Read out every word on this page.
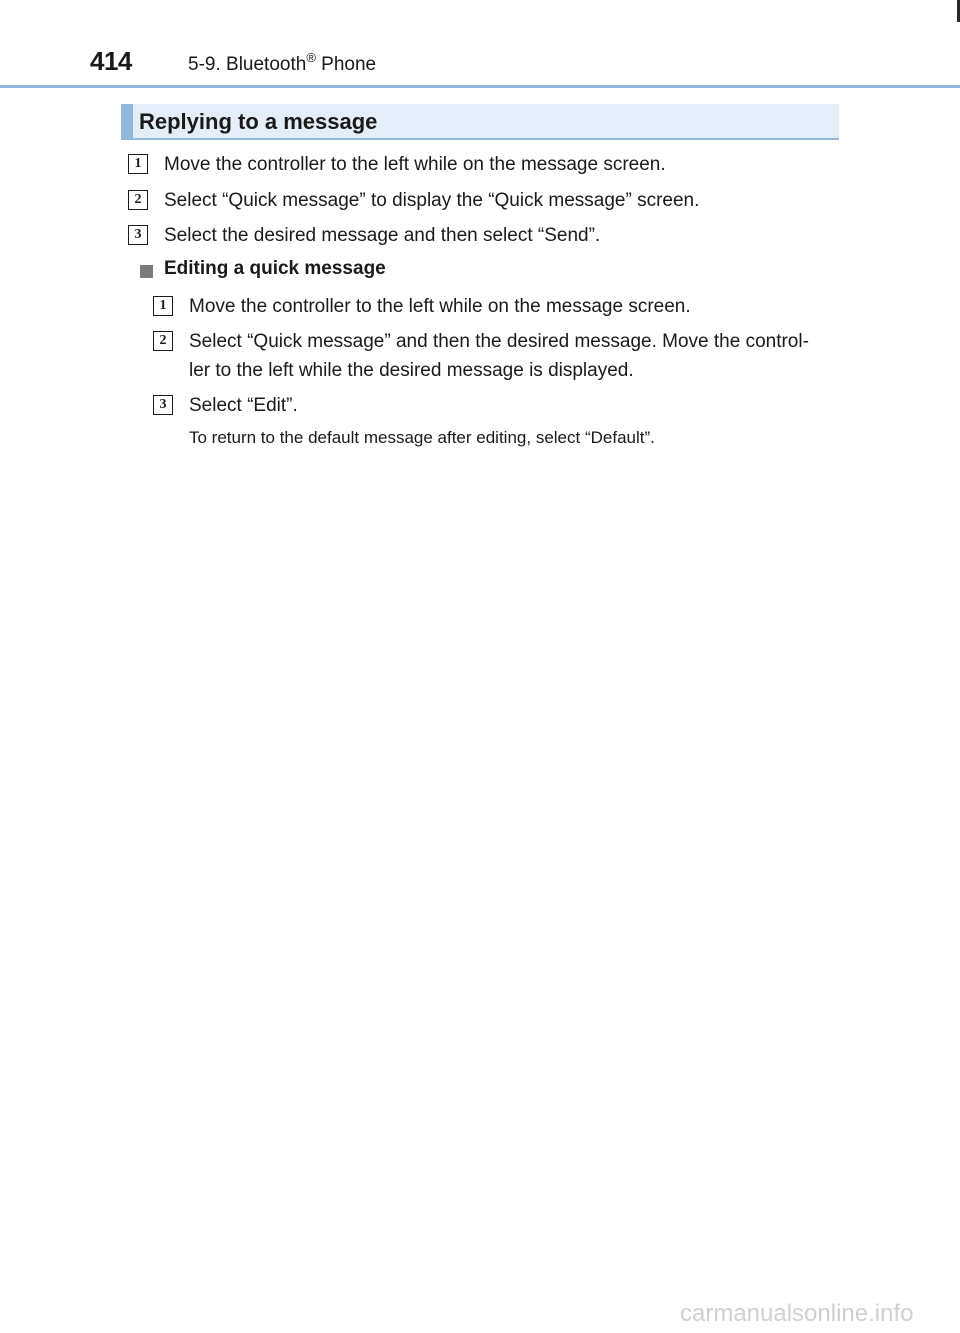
414	5-9. Bluetooth® Phone
Replying to a message
1	Move the controller to the left while on the message screen.
2	Select “Quick message” to display the “Quick message” screen.
3	Select the desired message and then select “Send”.
Editing a quick message
1	Move the controller to the left while on the message screen.
2	Select “Quick message” and then the desired message. Move the control-
ler to the left while the desired message is displayed.
3	Select “Edit”.
To return to the default message after editing, select “Default”.
carmanualsonline.info
